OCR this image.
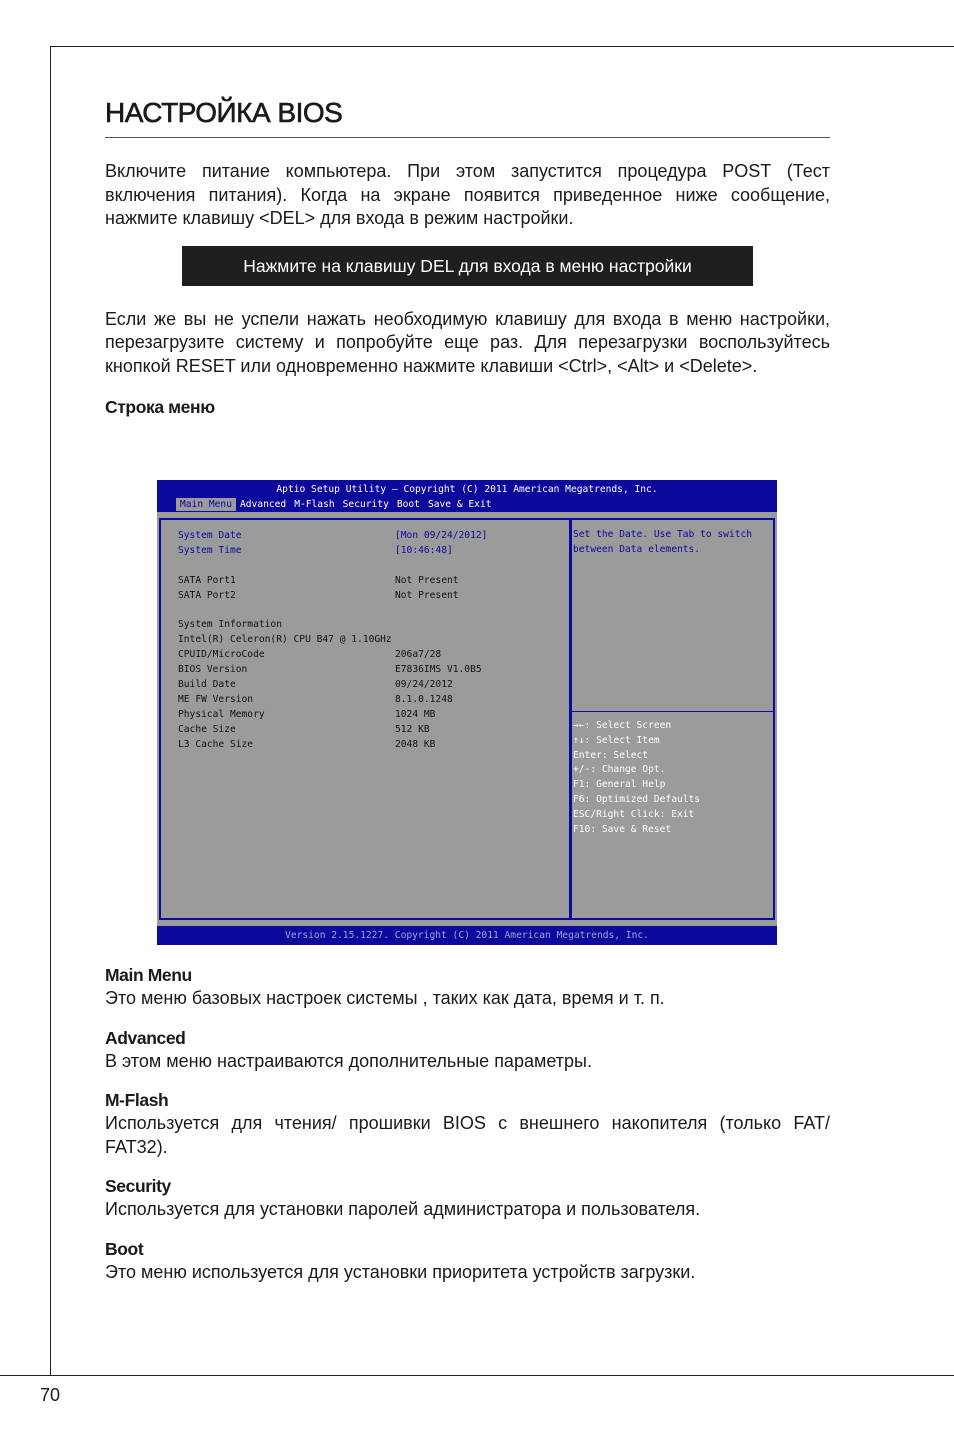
НАСТРОЙКА BIOS

Включите питание компьютера. При этом запустится процедура POST (Тест включения питания). Когда на экране появится приведенное ниже сообщение, нажмите клавишу <DEL> для входа в режим настройки.

Нажмите на клавишу DEL для входа в меню настройки

Если же вы не успели нажать необходимую клавишу для входа в меню настройки, перезагрузите систему и попробуйте еще раз. Для перезагрузки воспользуйтесь кнопкой RESET или одновременно нажмите клавиши <Ctrl>, <Alt> и <Delete>.

Строка меню
Aptio Setup Utility – Copyright (C) 2011 American Megatrends, Inc.
Main Menu Advanced M-Flash Security Boot Save & Exit
System Date	[Mon 09/24/2012]
System Time	[10:46:48]
SATA Port1	Not Present
SATA Port2	Not Present
System Information
Intel(R) Celeron(R) CPU B47 @ 1.10GHz
CPUID/MicroCode	206a7/28
BIOS Version	E7836IMS V1.0B5
Build Date	09/24/2012
ME FW Version	8.1.0.1248
Physical Memory	1024 MB
Cache Size	512 KB
L3 Cache Size	2048 KB
Set the Date. Use Tab to switch between Data elements.
→←: Select Screen
↑↓: Select Item
Enter: Select
+/-: Change Opt.
F1: General Help
F6: Optimized Defaults
ESC/Right Click: Exit
F10: Save & Reset
Version 2.15.1227. Copyright (C) 2011 American Megatrends, Inc.
Main Menu

Это меню базовых настроек системы , таких как дата, время и т. п.

Advanced

В этом меню настраиваются дополнительные параметры.

M-Flash

Используется для чтения/ прошивки BIOS с внешнего накопителя (только FAT/ FAT32).

Security

Используется для установки паролей администратора и пользователя.

Boot

Это меню используется для установки приоритета устройств загрузки.

70
